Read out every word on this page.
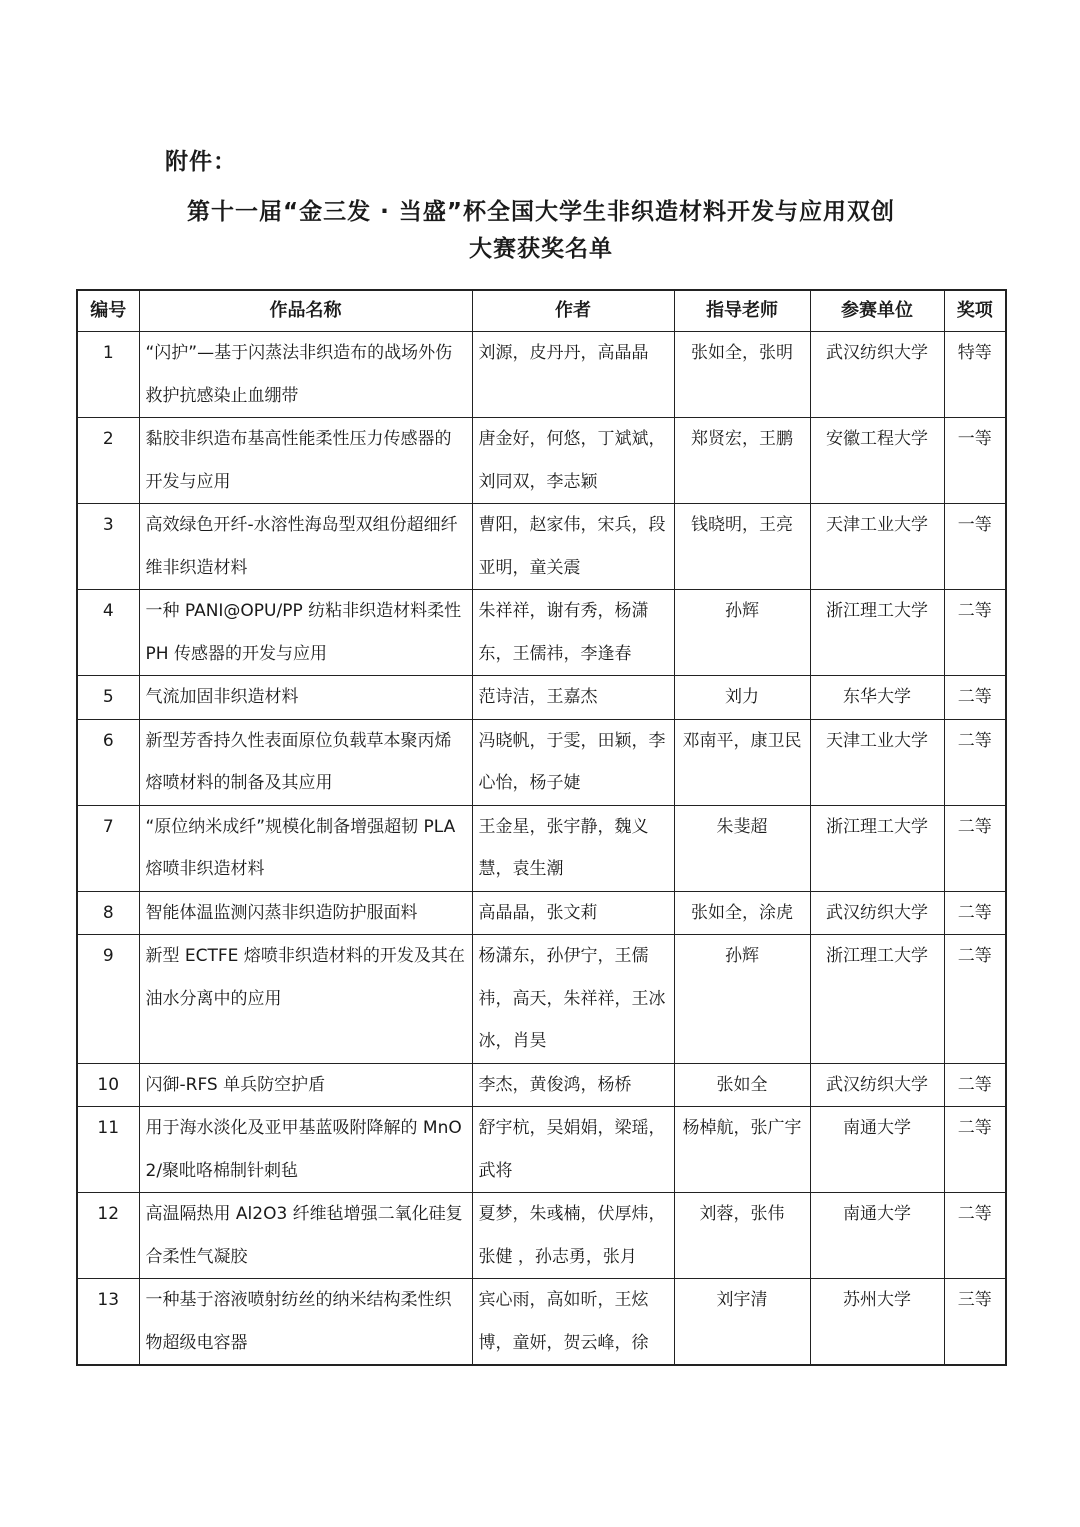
附件：
第十一届“金三发 · 当盛”杯全国大学生非织造材料开发与应用双创
大赛获奖名单
编号	作品名称	作者	指导老师	参赛单位	奖项
1	“闪护”—基于闪蒸法非织造布的战场外伤救护抗感染止血绷带	刘源，皮丹丹，高晶晶	张如全，张明	武汉纺织大学	特等
2	黏胶非织造布基高性能柔性压力传感器的开发与应用	唐金好，何悠，丁斌斌，刘同双，李志颖	郑贤宏，王鹏	安徽工程大学	一等
3	高效绿色开纤-水溶性海岛型双组份超细纤维非织造材料	曹阳，赵家伟，宋兵，段亚明，童关震	钱晓明，王亮	天津工业大学	一等
4	一种 PANI@OPU/PP 纺粘非织造材料柔性 PH 传感器的开发与应用	朱祥祥，谢有秀，杨潇东，王儒祎，李逢春	孙辉	浙江理工大学	二等
5	气流加固非织造材料	范诗洁，王嘉杰	刘力	东华大学	二等
6	新型芳香持久性表面原位负载草本聚丙烯熔喷材料的制备及其应用	冯晓帆，于雯，田颖，李心怡，杨子婕	邓南平，康卫民	天津工业大学	二等
7	“原位纳米成纤”规模化制备增强超韧 PLA 熔喷非织造材料	王金星，张宇静，魏义慧，袁生潮	朱斐超	浙江理工大学	二等
8	智能体温监测闪蒸非织造防护服面料	高晶晶，张文莉	张如全，涂虎	武汉纺织大学	二等
9	新型 ECTFE 熔喷非织造材料的开发及其在油水分离中的应用	杨潇东，孙伊宁，王儒祎，高天，朱祥祥，王冰冰，肖昊	孙辉	浙江理工大学	二等
10	闪御-RFS 单兵防空护盾	李杰，黄俊鸿，杨桥	张如全	武汉纺织大学	二等
11	用于海水淡化及亚甲基蓝吸附降解的 MnO2/聚吡咯棉制针刺毡	舒宇杭，吴娟娟，梁瑶，武将	杨棹航，张广宇	南通大学	二等
12	高温隔热用 Al2O3 纤维毡增强二氧化硅复合柔性气凝胶	夏梦，朱彧楠，伏厚炜，张健 ，孙志勇，张月	刘蓉，张伟	南通大学	二等
13	一种基于溶液喷射纺丝的纳米结构柔性织物超级电容器	宾心雨，高如昕，王炫博，童妍，贺云峰，徐	刘宇清	苏州大学	三等
